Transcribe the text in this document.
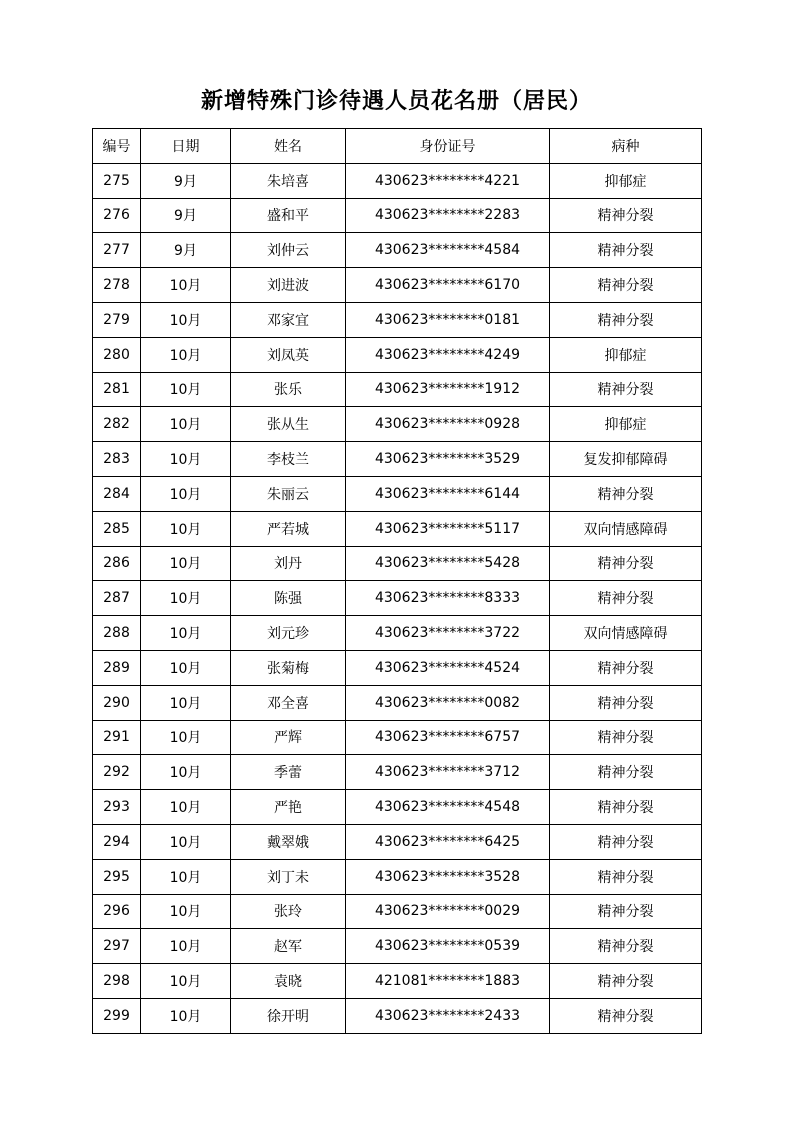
新增特殊门诊待遇人员花名册（居民）
编号	日期	姓名	身份证号	病种
275	9月	朱培喜	430623********4221	抑郁症
276	9月	盛和平	430623********2283	精神分裂
277	9月	刘仲云	430623********4584	精神分裂
278	10月	刘进波	430623********6170	精神分裂
279	10月	邓家宜	430623********0181	精神分裂
280	10月	刘凤英	430623********4249	抑郁症
281	10月	张乐	430623********1912	精神分裂
282	10月	张从生	430623********0928	抑郁症
283	10月	李枝兰	430623********3529	复发抑郁障碍
284	10月	朱丽云	430623********6144	精神分裂
285	10月	严若城	430623********5117	双向情感障碍
286	10月	刘丹	430623********5428	精神分裂
287	10月	陈强	430623********8333	精神分裂
288	10月	刘元珍	430623********3722	双向情感障碍
289	10月	张菊梅	430623********4524	精神分裂
290	10月	邓全喜	430623********0082	精神分裂
291	10月	严辉	430623********6757	精神分裂
292	10月	季蕾	430623********3712	精神分裂
293	10月	严艳	430623********4548	精神分裂
294	10月	戴翠娥	430623********6425	精神分裂
295	10月	刘丁未	430623********3528	精神分裂
296	10月	张玲	430623********0029	精神分裂
297	10月	赵军	430623********0539	精神分裂
298	10月	袁晓	421081********1883	精神分裂
299	10月	徐开明	430623********2433	精神分裂
